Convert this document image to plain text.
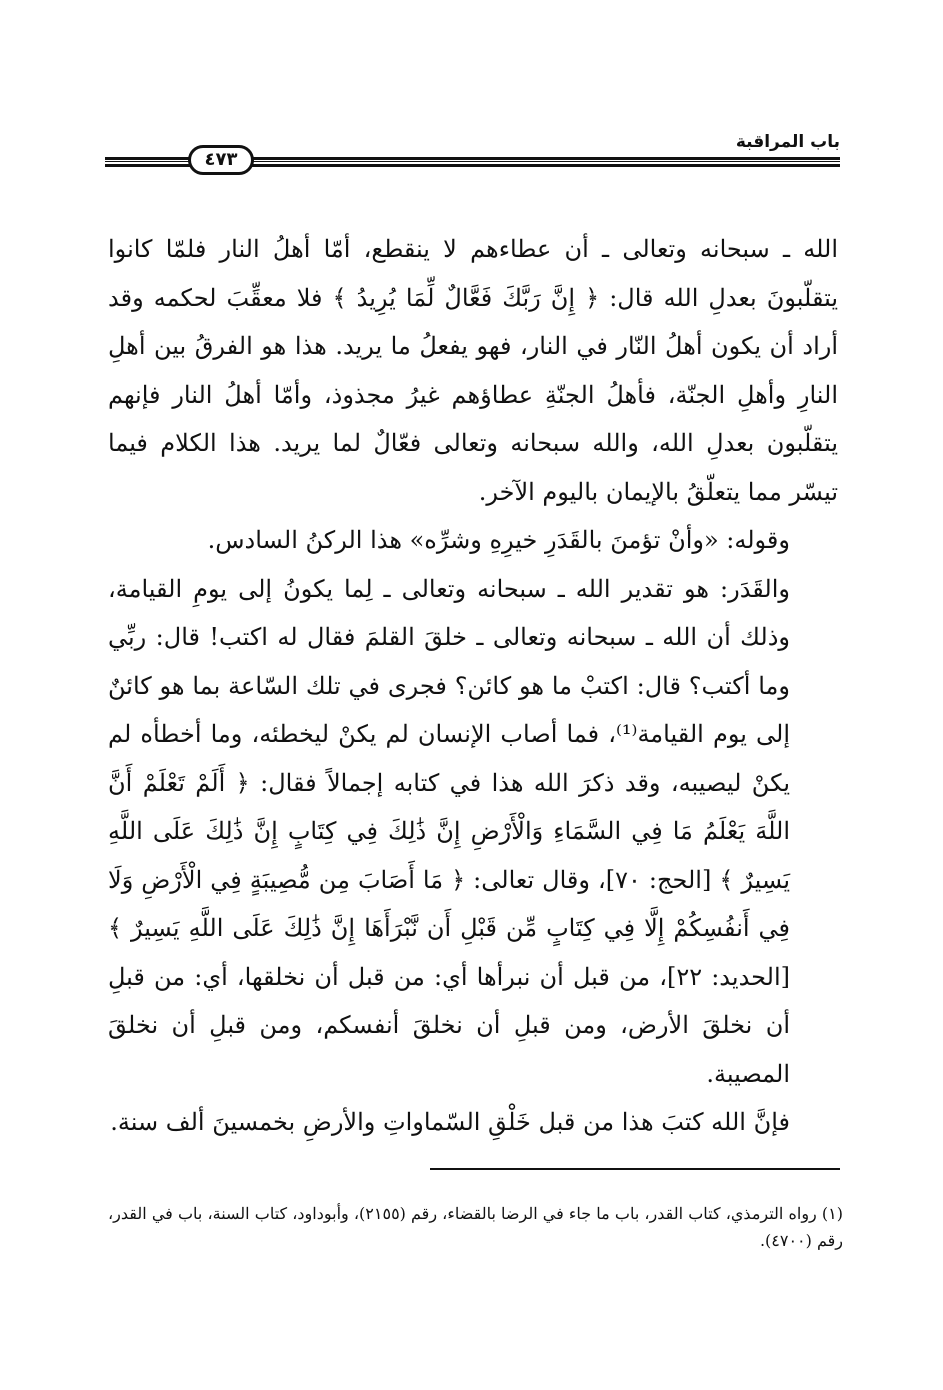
باب المراقبة
٤٧٣

الله ـ سبحانه وتعالى ـ أن عطاءهم لا ينقطع، أمّا أهلُ النار فلمّا كانوا يتقلّبونَ بعدلِ الله قال: ﴿ إِنَّ رَبَّكَ فَعَّالٌ لِّمَا يُرِيدُ ﴾ فلا معقِّبَ لحكمه وقد أراد أن يكون أهلُ النّار في النار، فهو يفعلُ ما يريد. هذا هو الفرقُ بين أهلِ النارِ وأهلِ الجنّة، فأهلُ الجنّةِ عطاؤهم غيرُ مجذوذ، وأمّا أهلُ النار فإنهم يتقلّبون بعدلِ الله، والله سبحانه وتعالى فعّالٌ لما يريد. هذا الكلام فيما تيسّر مما يتعلّقُ بالإيمان باليوم الآخر.

وقوله: «وأنْ تؤمنَ بالقَدَرِ خيرِهِ وشرِّه» هذا الركنُ السادس.

والقَدَر: هو تقدير الله ـ سبحانه وتعالى ـ لِما يكونُ إلى يومِ القيامة، وذلك أن الله ـ سبحانه وتعالى ـ خلقَ القلمَ فقال له اكتب! قال: ربِّي وما أكتب؟ قال: اكتبْ ما هو كائن؟ فجرى في تلك السّاعة بما هو كائنٌ إلى يوم القيامة⁽¹⁾، فما أصاب الإنسان لم يكنْ ليخطئه، وما أخطأه لم يكنْ ليصيبه، وقد ذكرَ الله هذا في كتابه إجمالاً فقال: ﴿ أَلَمْ تَعْلَمْ أَنَّ اللَّهَ يَعْلَمُ مَا فِي السَّمَاءِ وَالْأَرْضِ إِنَّ ذَٰلِكَ فِي كِتَابٍ إِنَّ ذَٰلِكَ عَلَى اللَّهِ يَسِيرٌ ﴾ [الحج: ٧٠]، وقال تعالى: ﴿ مَا أَصَابَ مِن مُّصِيبَةٍ فِي الْأَرْضِ وَلَا فِي أَنفُسِكُمْ إِلَّا فِي كِتَابٍ مِّن قَبْلِ أَن نَّبْرَأَهَا إِنَّ ذَٰلِكَ عَلَى اللَّهِ يَسِيرٌ ﴾ [الحديد: ٢٢]، من قبل أن نبرأها أي: من قبل أن نخلقها، أي: من قبلِ أن نخلقَ الأرض، ومن قبلِ أن نخلقَ أنفسكم، ومن قبلِ أن نخلقَ المصيبة.

فإنَّ الله كتبَ هذا من قبل خَلْقِ السّماواتِ والأرضِ بخمسينَ ألف سنة.

(١) رواه الترمذي، كتاب القدر، باب ما جاء في الرضا بالقضاء، رقم (٢١٥٥)، وأبوداود، كتاب السنة، باب في القدر، رقم (٤٧٠٠).
